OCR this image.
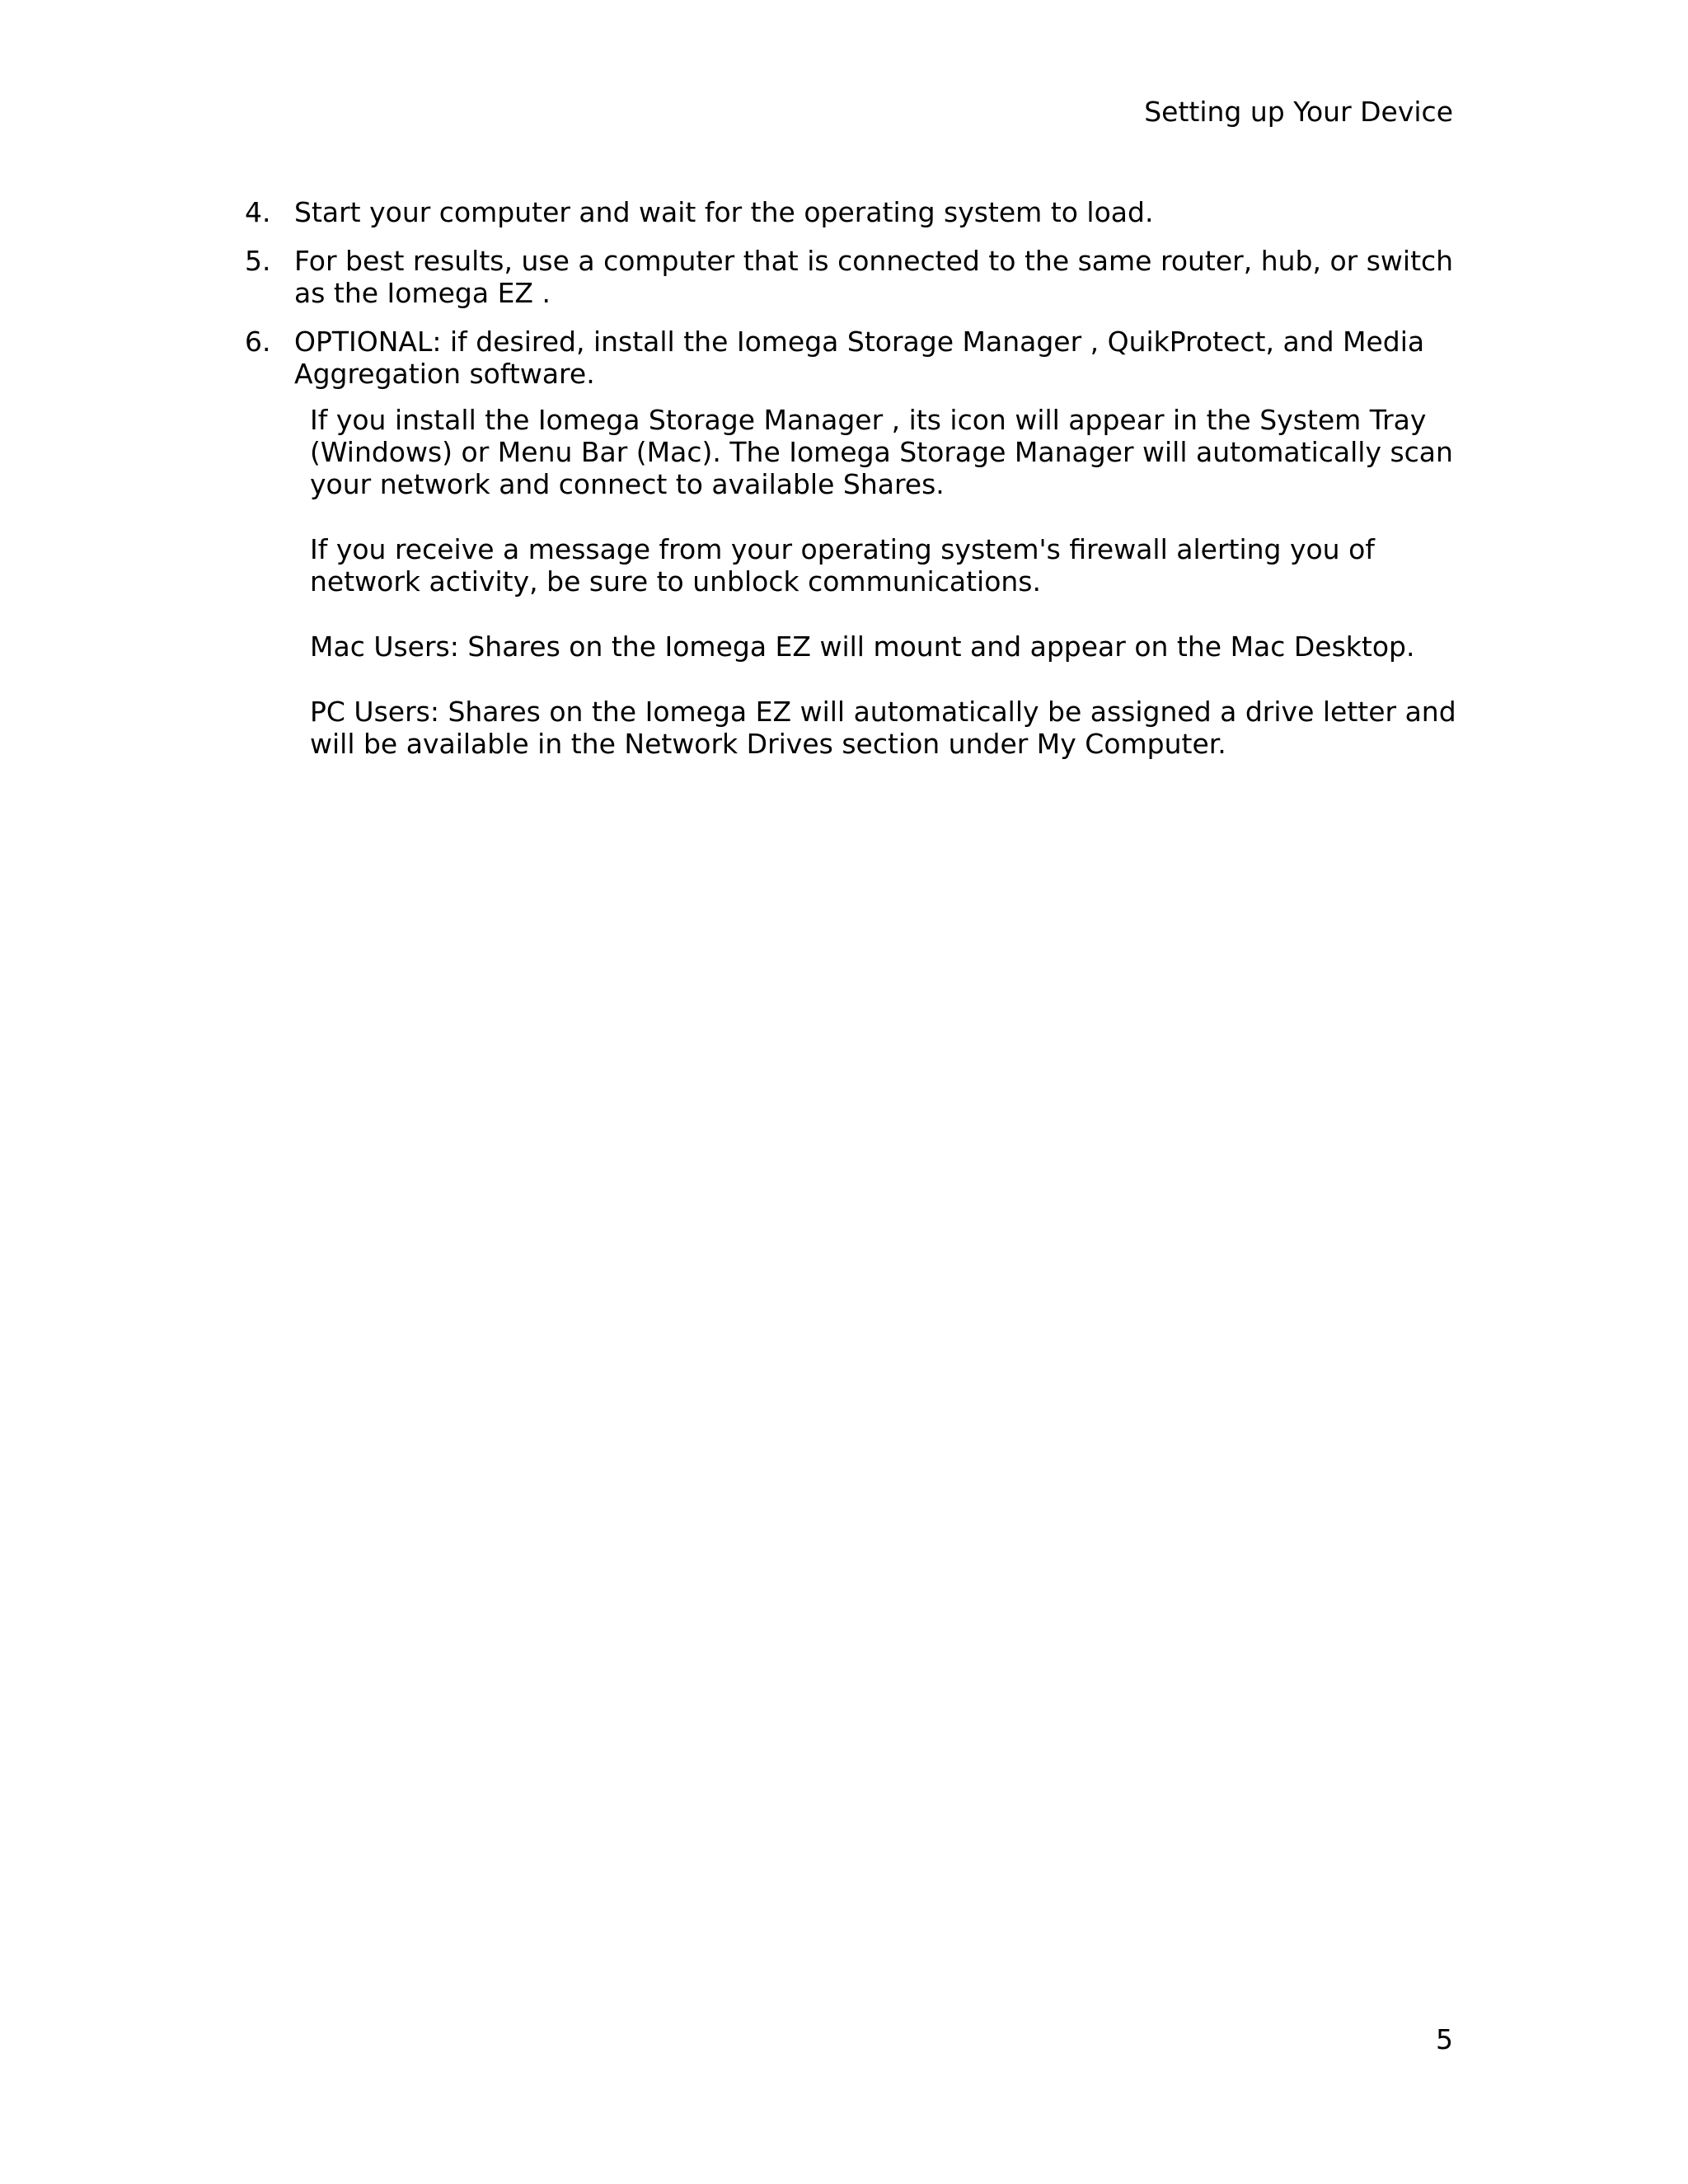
Setting up Your Device
4. Start your computer and wait for the operating system to load.
5. For best results, use a computer that is connected to the same router, hub, or switch as the Iomega EZ .
6. OPTIONAL: if desired, install the Iomega Storage Manager , QuikProtect, and Media Aggregation software.

If you install the Iomega Storage Manager , its icon will appear in the System Tray (Windows) or Menu Bar (Mac). The Iomega Storage Manager will automatically scan your network and connect to available Shares.

If you receive a message from your operating system's firewall alerting you of network activity, be sure to unblock communications.

Mac Users: Shares on the Iomega EZ will mount and appear on the Mac Desktop.

PC Users: Shares on the Iomega EZ will automatically be assigned a drive letter and will be available in the Network Drives section under My Computer.

5
